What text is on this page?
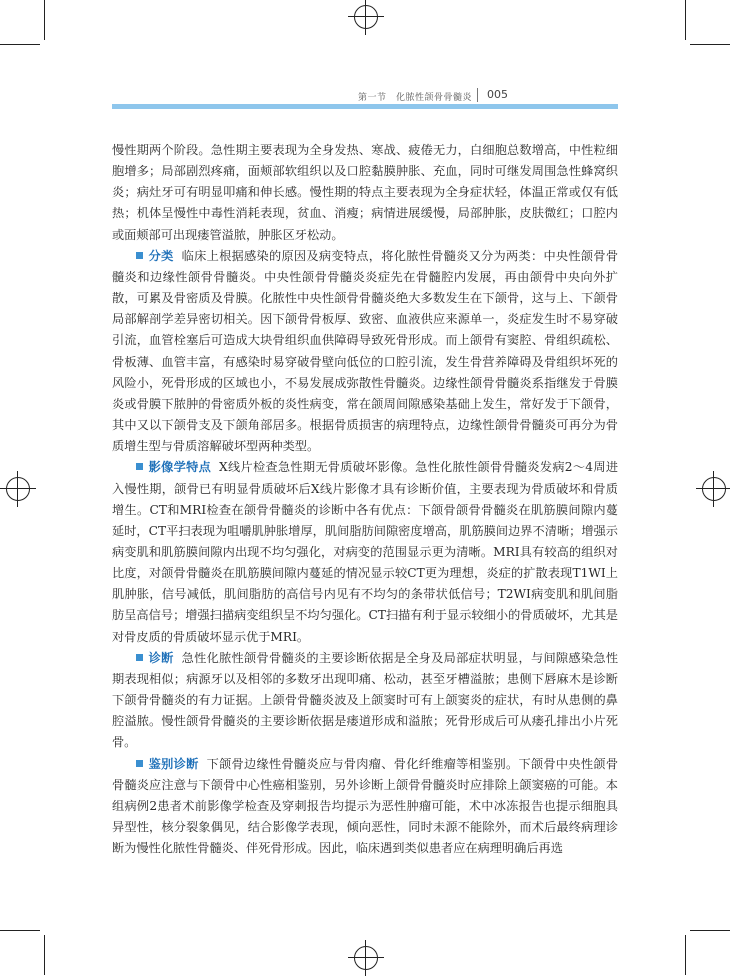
第一节　化脓性颌骨骨髓炎 005

慢性期两个阶段。急性期主要表现为全身发热、寒战、疲倦无力，白细胞总数增高，中性粒细胞增多；局部剧烈疼痛，面颊部软组织以及口腔黏膜肿胀、充血，同时可继发周围急性蜂窝织炎；病灶牙可有明显叩痛和伸长感。慢性期的特点主要表现为全身症状轻，体温正常或仅有低热；机体呈慢性中毒性消耗表现，贫血、消瘦；病情进展缓慢，局部肿胀，皮肤微红；口腔内或面颊部可出现瘘管溢脓，肿胀区牙松动。

分类 临床上根据感染的原因及病变特点，将化脓性骨髓炎又分为两类：中央性颌骨骨髓炎和边缘性颌骨骨髓炎。中央性颌骨骨髓炎炎症先在骨髓腔内发展，再由颌骨中央向外扩散，可累及骨密质及骨膜。化脓性中央性颌骨骨髓炎绝大多数发生在下颌骨，这与上、下颌骨局部解剖学差异密切相关。因下颌骨骨板厚、致密、血液供应来源单一，炎症发生时不易穿破引流，血管栓塞后可造成大块骨组织血供障碍导致死骨形成。而上颌骨有窦腔、骨组织疏松、骨板薄、血管丰富，有感染时易穿破骨壁向低位的口腔引流，发生骨营养障碍及骨组织坏死的风险小，死骨形成的区域也小，不易发展成弥散性骨髓炎。边缘性颌骨骨髓炎系指继发于骨膜炎或骨膜下脓肿的骨密质外板的炎性病变，常在颌周间隙感染基础上发生，常好发于下颌骨，其中又以下颌骨支及下颌角部居多。根据骨质损害的病理特点，边缘性颌骨骨髓炎可再分为骨质增生型与骨质溶解破坏型两种类型。

影像学特点 X线片检查急性期无骨质破坏影像。急性化脓性颌骨骨髓炎发病2～4周进入慢性期，颌骨已有明显骨质破坏后X线片影像才具有诊断价值，主要表现为骨质破坏和骨质增生。CT和MRI检查在颌骨骨髓炎的诊断中各有优点：下颌骨颌骨骨髓炎在肌筋膜间隙内蔓延时，CT平扫表现为咀嚼肌肿胀增厚，肌间脂肪间隙密度增高，肌筋膜间边界不清晰；增强示病变肌和肌筋膜间隙内出现不均匀强化，对病变的范围显示更为清晰。MRI具有较高的组织对比度，对颌骨骨髓炎在肌筋膜间隙内蔓延的情况显示较CT更为理想，炎症的扩散表现T1WI上肌肿胀，信号减低，肌间脂肪的高信号内见有不均匀的条带状低信号；T2WI病变肌和肌间脂肪呈高信号；增强扫描病变组织呈不均匀强化。CT扫描有利于显示较细小的骨质破坏，尤其是对骨皮质的骨质破坏显示优于MRI。

诊断 急性化脓性颌骨骨髓炎的主要诊断依据是全身及局部症状明显，与间隙感染急性期表现相似；病源牙以及相邻的多数牙出现叩痛、松动，甚至牙槽溢脓；患侧下唇麻木是诊断下颌骨骨髓炎的有力证据。上颌骨骨髓炎波及上颌窦时可有上颌窦炎的症状，有时从患侧的鼻腔溢脓。慢性颌骨骨髓炎的主要诊断依据是瘘道形成和溢脓；死骨形成后可从瘘孔排出小片死骨。

鉴别诊断 下颌骨边缘性骨髓炎应与骨肉瘤、骨化纤维瘤等相鉴别。下颌骨中央性颌骨骨髓炎应注意与下颌骨中心性癌相鉴别，另外诊断上颌骨骨髓炎时应排除上颌窦癌的可能。本组病例2患者术前影像学检查及穿刺报告均提示为恶性肿瘤可能，术中冰冻报告也提示细胞具异型性，核分裂象偶见，结合影像学表现，倾向恶性，同时未源不能除外，而术后最终病理诊断为慢性化脓性骨髓炎、伴死骨形成。因此，临床遇到类似患者应在病理明确后再选
